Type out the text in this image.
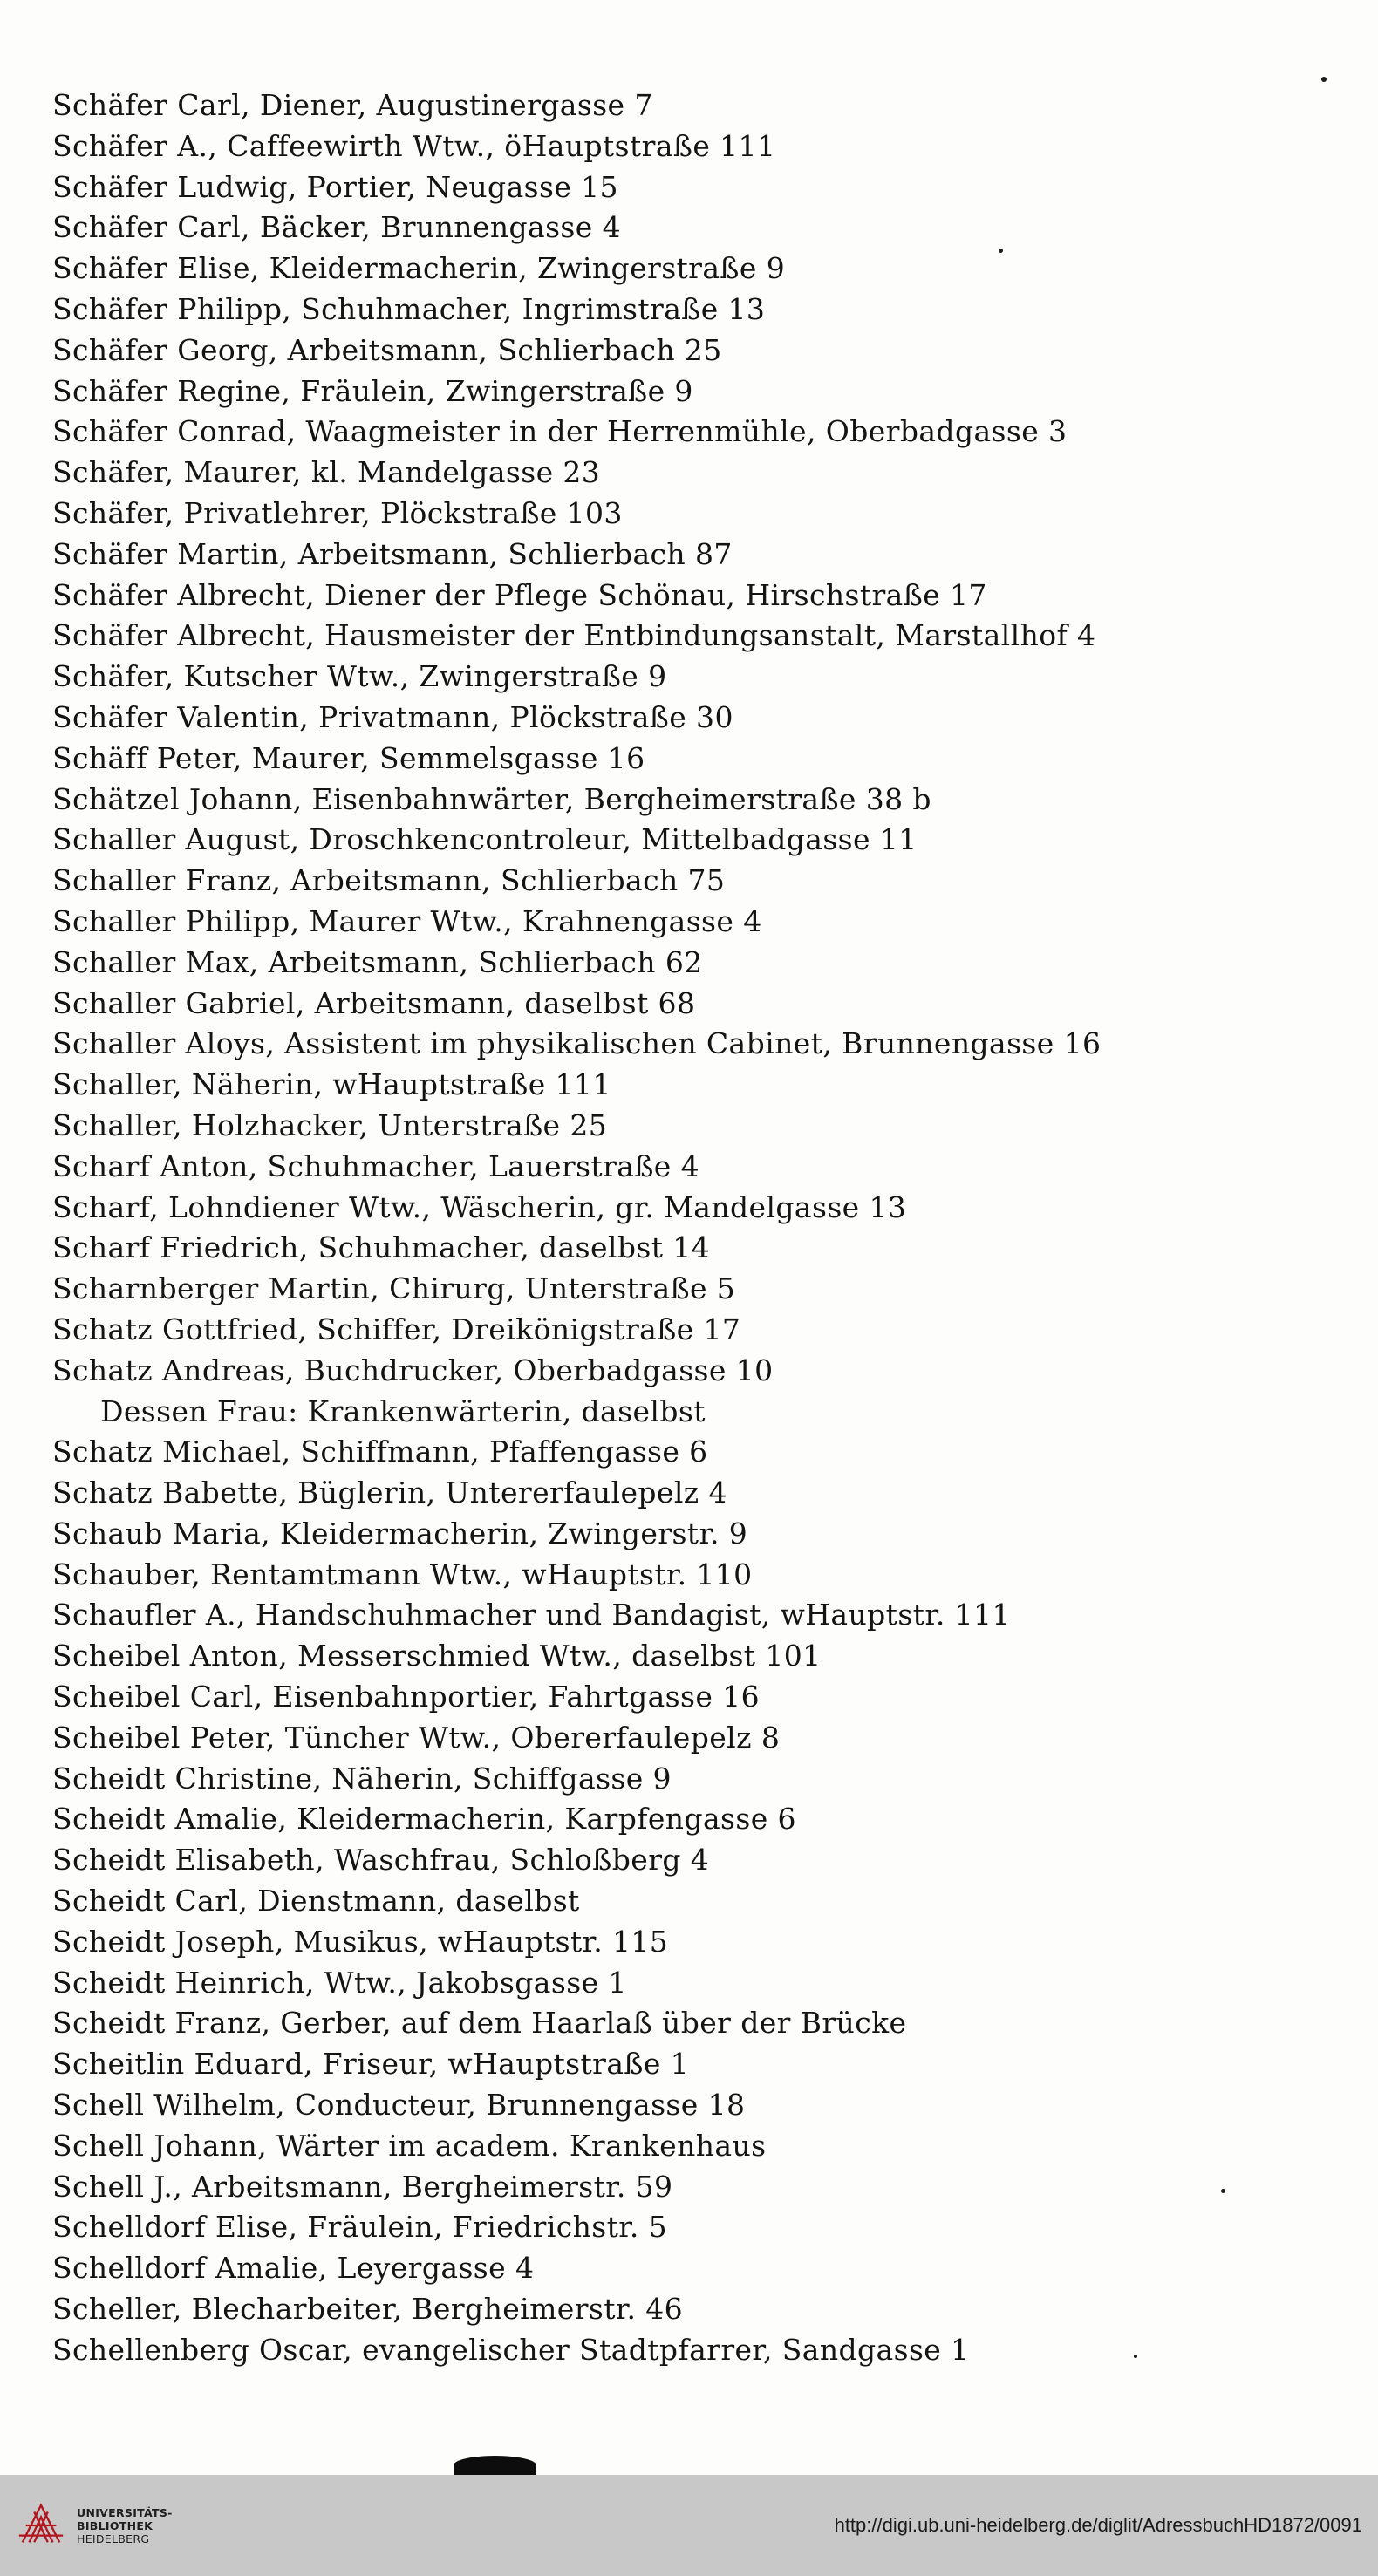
Schäfer Carl, Diener, Augustinergasse 7
Schäfer A., Caffeewirth Wtw., öHauptstraße 111
Schäfer Ludwig, Portier, Neugasse 15
Schäfer Carl, Bäcker, Brunnengasse 4
Schäfer Elise, Kleidermacherin, Zwingerstraße 9
Schäfer Philipp, Schuhmacher, Ingrimstraße 13
Schäfer Georg, Arbeitsmann, Schlierbach 25
Schäfer Regine, Fräulein, Zwingerstraße 9
Schäfer Conrad, Waagmeister in der Herrenmühle, Oberbadgasse 3
Schäfer, Maurer, kl. Mandelgasse 23
Schäfer, Privatlehrer, Plöckstraße 103
Schäfer Martin, Arbeitsmann, Schlierbach 87
Schäfer Albrecht, Diener der Pflege Schönau, Hirschstraße 17
Schäfer Albrecht, Hausmeister der Entbindungsanstalt, Marstallhof 4
Schäfer, Kutscher Wtw., Zwingerstraße 9
Schäfer Valentin, Privatmann, Plöckstraße 30
Schäff Peter, Maurer, Semmelsgasse 16
Schätzel Johann, Eisenbahnwärter, Bergheimerstraße 38 b
Schaller August, Droschkencontroleur, Mittelbadgasse 11
Schaller Franz, Arbeitsmann, Schlierbach 75
Schaller Philipp, Maurer Wtw., Krahnengasse 4
Schaller Max, Arbeitsmann, Schlierbach 62
Schaller Gabriel, Arbeitsmann, daselbst 68
Schaller Aloys, Assistent im physikalischen Cabinet, Brunnengasse 16
Schaller, Näherin, wHauptstraße 111
Schaller, Holzhacker, Unterstraße 25
Scharf Anton, Schuhmacher, Lauerstraße 4
Scharf, Lohndiener Wtw., Wäscherin, gr. Mandelgasse 13
Scharf Friedrich, Schuhmacher, daselbst 14
Scharnberger Martin, Chirurg, Unterstraße 5
Schatz Gottfried, Schiffer, Dreikönigstraße 17
Schatz Andreas, Buchdrucker, Oberbadgasse 10
Dessen Frau: Krankenwärterin, daselbst
Schatz Michael, Schiffmann, Pfaffengasse 6
Schatz Babette, Büglerin, Untererfaulepelz 4
Schaub Maria, Kleidermacherin, Zwingerstr. 9
Schauber, Rentamtmann Wtw., wHauptstr. 110
Schaufler A., Handschuhmacher und Bandagist, wHauptstr. 111
Scheibel Anton, Messerschmied Wtw., daselbst 101
Scheibel Carl, Eisenbahnportier, Fahrtgasse 16
Scheibel Peter, Tüncher Wtw., Obererfaulepelz 8
Scheidt Christine, Näherin, Schiffgasse 9
Scheidt Amalie, Kleidermacherin, Karpfengasse 6
Scheidt Elisabeth, Waschfrau, Schloßberg 4
Scheidt Carl, Dienstmann, daselbst
Scheidt Joseph, Musikus, wHauptstr. 115
Scheidt Heinrich, Wtw., Jakobsgasse 1
Scheidt Franz, Gerber, auf dem Haarlaß über der Brücke
Scheitlin Eduard, Friseur, wHauptstraße 1
Schell Wilhelm, Conducteur, Brunnengasse 18
Schell Johann, Wärter im academ. Krankenhaus
Schell J., Arbeitsmann, Bergheimerstr. 59
Schelldorf Elise, Fräulein, Friedrichstr. 5
Schelldorf Amalie, Leyergasse 4
Scheller, Blecharbeiter, Bergheimerstr. 46
Schellenberg Oscar, evangelischer Stadtpfarrer, Sandgasse 1
UNIVERSITÄTS-
BIBLIOTHEK
HEIDELBERG
http://digi.ub.uni-heidelberg.de/diglit/AdressbuchHD1872/0091
